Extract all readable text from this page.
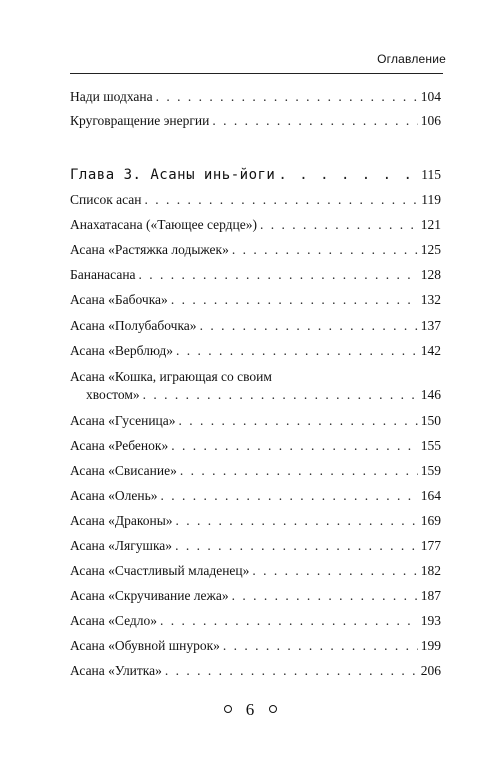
Оглавление
Нади шодхана . . .	104
Круговращение энергии . . .	106
Глава 3. Асаны инь-йоги . . .	115
Список асан . . .	119
Анахатасана («Тающее сердце») . . .	121
Асана «Растяжка лодыжек» . . .	125
Бананасана . . .	128
Асана «Бабочка» . . .	132
Асана «Полубабочка» . . .	137
Асана «Верблюд» . . .	142
Асана «Кошка, играющая со своим
хвостом» . . .	146
Асана «Гусеница» . . .	150
Асана «Ребенок» . . .	155
Асана «Свисание» . . .	159
Асана «Олень» . . .	164
Асана «Драконы» . . .	169
Асана «Лягушка» . . .	177
Асана «Счастливый младенец» . . .	182
Асана «Скручивание лежа» . . .	187
Асана «Седло» . . .	193
Асана «Обувной шнурок» . . .	199
Асана «Улитка» . . .	206
6
